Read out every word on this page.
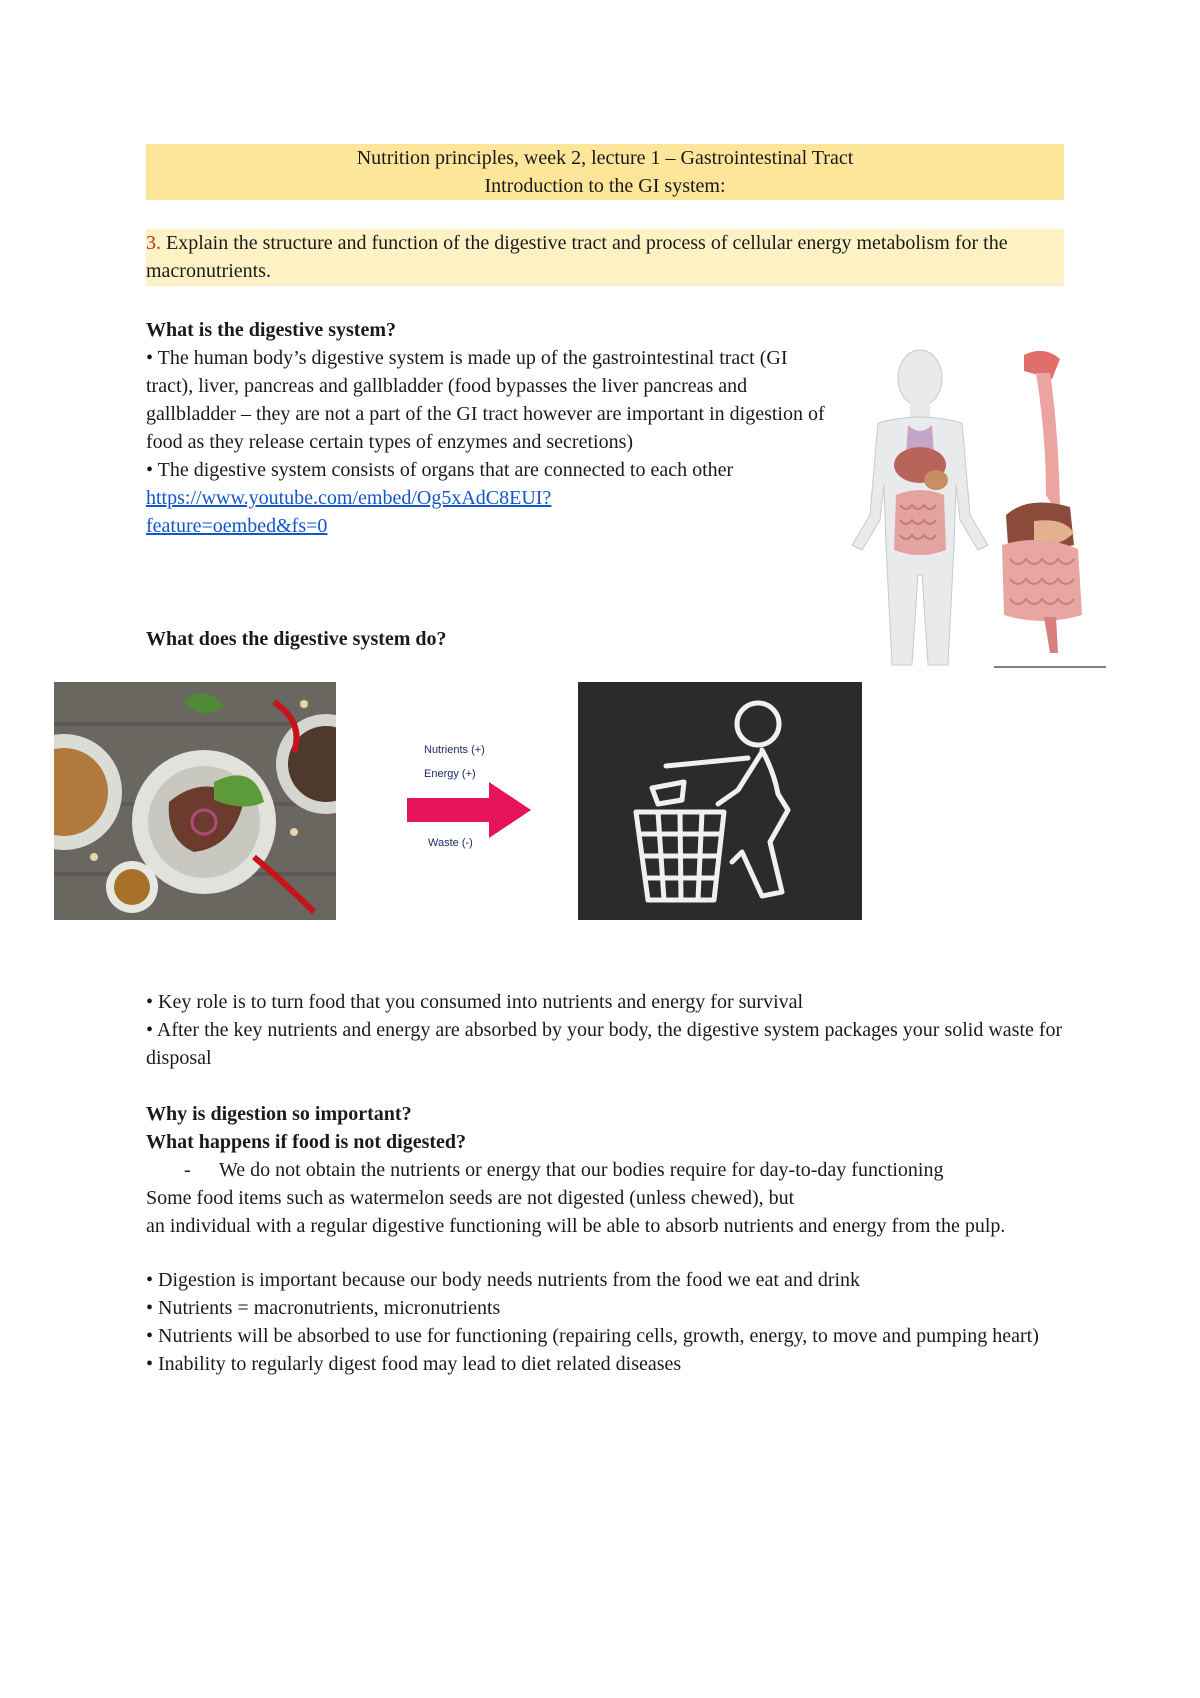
Nutrition principles, week 2, lecture 1 – Gastrointestinal Tract
Introduction to the GI system:
3. Explain the structure and function of the digestive tract and process of cellular energy metabolism for the macronutrients.
What is the digestive system?
• The human body’s digestive system is made up of the gastrointestinal tract (GI tract), liver, pancreas and gallbladder (food bypasses the liver pancreas and gallbladder – they are not a part of the GI tract however are important in digestion of food as they release certain types of enzymes and secretions)
• The digestive system consists of organs that are connected to each other
https://www.youtube.com/embed/Og5xAdC8EUI?
feature=oembed&fs=0
What does the digestive system do?
Nutrients (+)
Energy (+)
Waste (-)
• Key role is to turn food that you consumed into nutrients and energy for survival
• After the key nutrients and energy are absorbed by your body, the digestive system packages your solid waste for disposal
Why is digestion so important?
What happens if food is not digested?
- We do not obtain the nutrients or energy that our bodies require for day-to-day functioning
Some food items such as watermelon seeds are not digested (unless chewed), but
an individual with a regular digestive functioning will be able to absorb nutrients and energy from the pulp.
• Digestion is important because our body needs nutrients from the food we eat and drink
• Nutrients = macronutrients, micronutrients
• Nutrients will be absorbed to use for functioning (repairing cells, growth, energy, to move and pumping heart)
• Inability to regularly digest food may lead to diet related diseases
